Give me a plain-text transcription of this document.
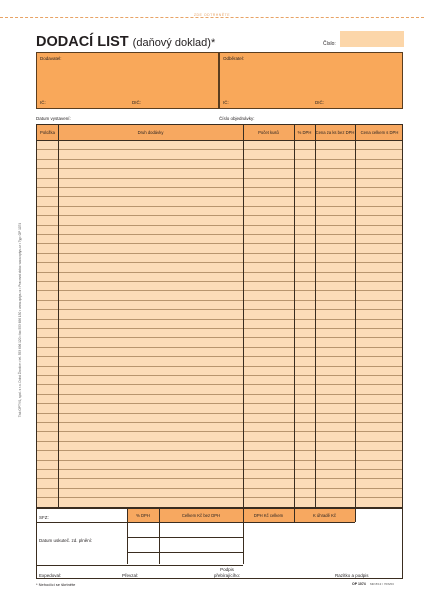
ZDE ODTRHNĚTE
Tisk OPTYS, spol. s r.o. Dolní Životice • tel. 553 696 120 • fax 553 696 130 • www.optys.cz • Pracovní doba: www.optys.cz • Typ: OP 1074
DODACÍ LIST (daňový doklad)*	Číslo:
Dodavatel:
IČ:	DIČ:
Odběratel:
IČ:	DIČ:
Datum vystavení:	Číslo objednávky:
Položka	Druh dodávky	Počet kusů	% DPH	Cena za ks bez DPH	Cena celkem s DPH
SFZ:	% DPH	Celkem Kč bez DPH	DPH Kč celkem	K úhradě Kč
Datum uskuteč. zd. plnění:
Expedoval:	Převzal:
Podpis přebírajícího:	Razítko a podpis
* Nehodící se škrtněte	OP 1074 MR 8/13 / 70/6/03
